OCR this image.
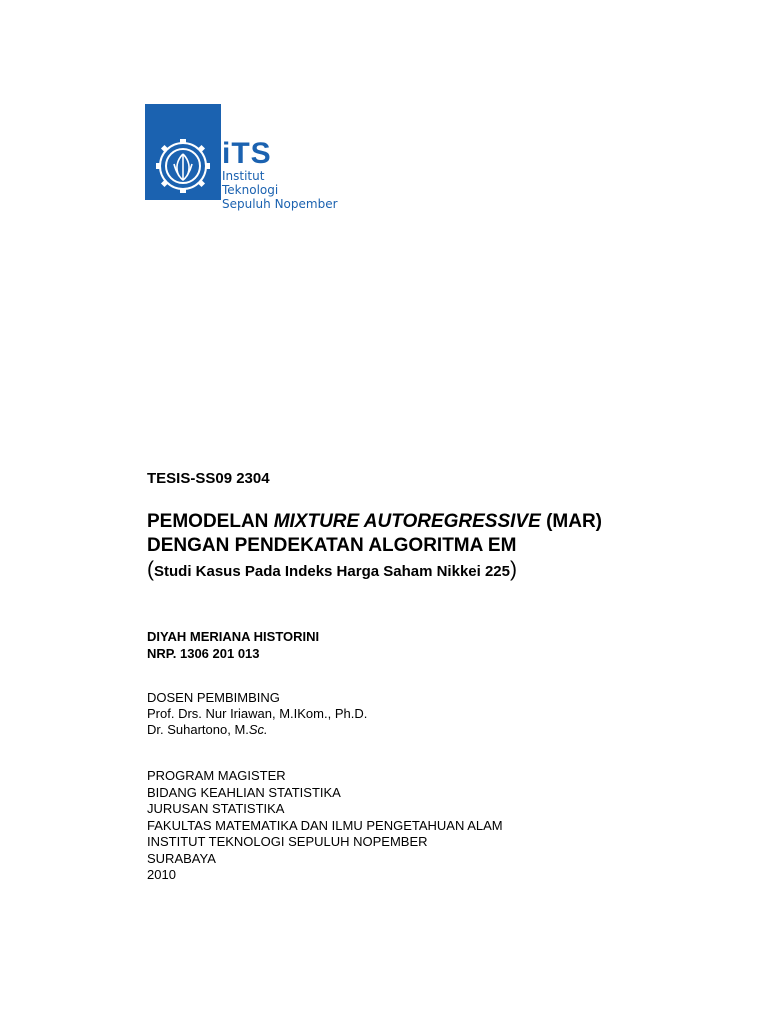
iTS
Institut
Teknologi
Sepuluh Nopember
TESIS-SS09 2304
PEMODELAN MIXTURE AUTOREGRESSIVE (MAR)
DENGAN PENDEKATAN ALGORITMA EM
(Studi Kasus Pada Indeks Harga Saham Nikkei 225)
DIYAH MERIANA HISTORINI
NRP. 1306 201 013
DOSEN PEMBIMBING
Prof. Drs. Nur Iriawan, M.IKom., Ph.D.
Dr. Suhartono, M.Sc.
PROGRAM MAGISTER
BIDANG KEAHLIAN STATISTIKA
JURUSAN STATISTIKA
FAKULTAS MATEMATIKA DAN ILMU PENGETAHUAN ALAM
INSTITUT TEKNOLOGI SEPULUH NOPEMBER
SURABAYA
2010
